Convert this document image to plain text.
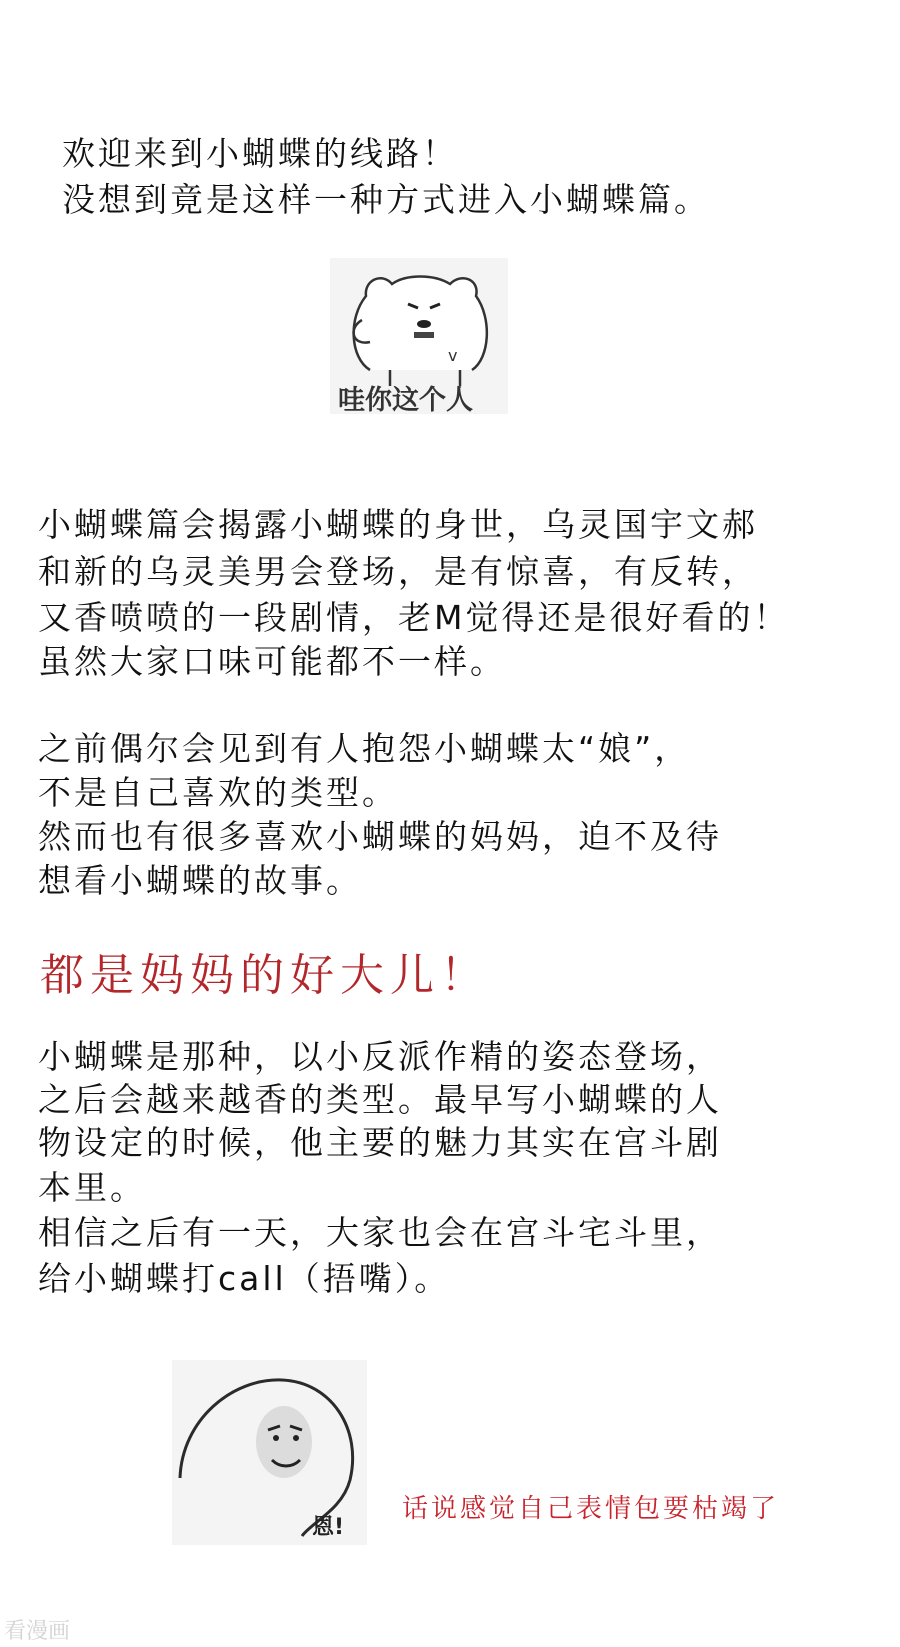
欢迎来到小蝴蝶的线路！
没想到竟是这样一种方式进入小蝴蝶篇。
v
哇你这个人
小蝴蝶篇会揭露小蝴蝶的身世，乌灵国宇文郝
和新的乌灵美男会登场，是有惊喜，有反转，
又香喷喷的一段剧情，老M觉得还是很好看的！
虽然大家口味可能都不一样。
之前偶尔会见到有人抱怨小蝴蝶太“娘”，
不是自己喜欢的类型。
然而也有很多喜欢小蝴蝶的妈妈，迫不及待
想看小蝴蝶的故事。
都是妈妈的好大儿！
小蝴蝶是那种，以小反派作精的姿态登场，
之后会越来越香的类型。最早写小蝴蝶的人
物设定的时候，他主要的魅力其实在宫斗剧
本里。
相信之后有一天，大家也会在宫斗宅斗里，
给小蝴蝶打call（捂嘴）。
恩!
话说感觉自己表情包要枯竭了
看漫画
